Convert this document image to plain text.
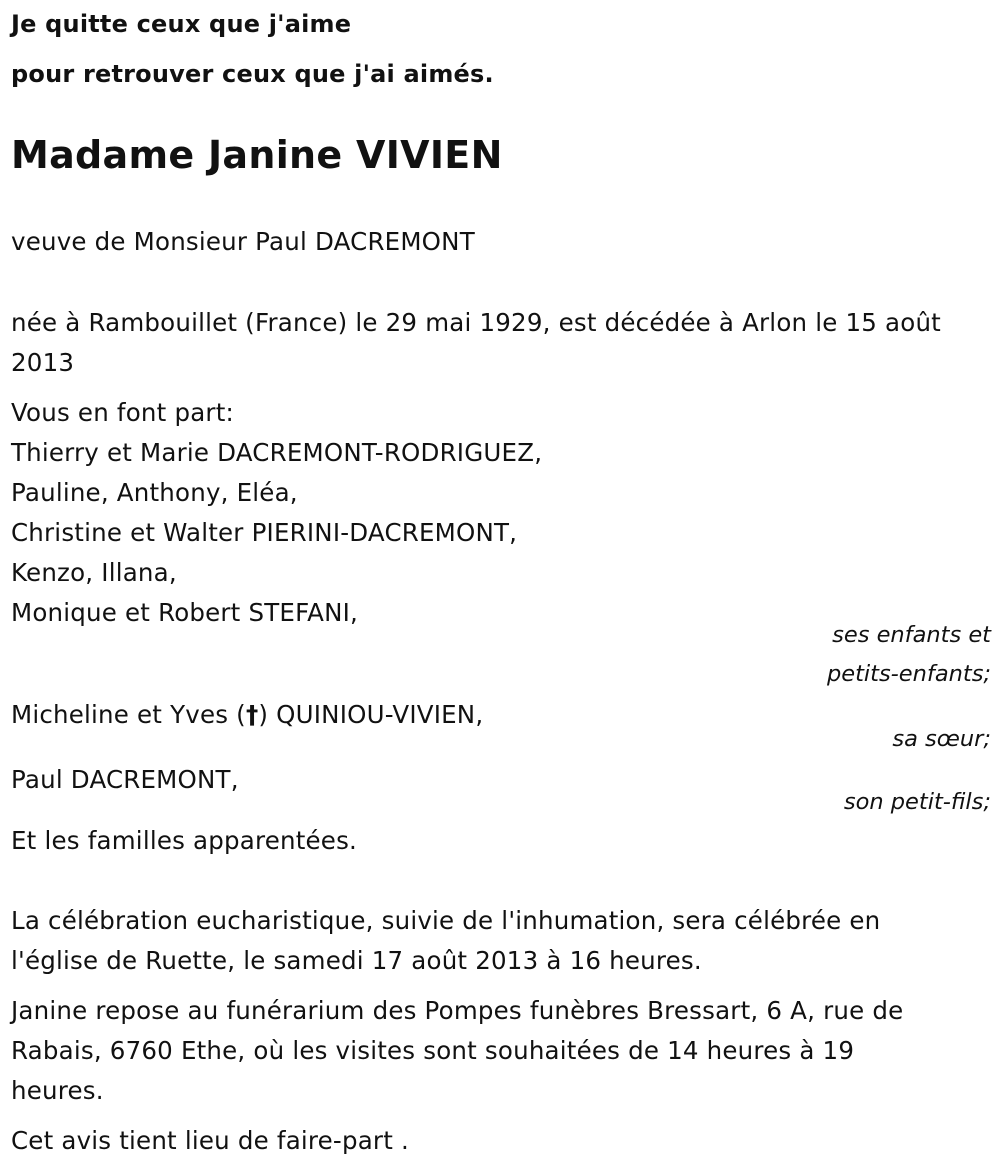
Je quitte ceux que j'aime
pour retrouver ceux que j'ai aimés.
Madame Janine VIVIEN
veuve de Monsieur Paul DACREMONT
née à Rambouillet (France) le 29 mai 1929, est décédée à Arlon le 15 août
2013
Vous en font part:
Thierry et Marie DACREMONT-RODRIGUEZ,
Pauline, Anthony, Eléa,
Christine et Walter PIERINI-DACREMONT,
Kenzo, Illana,
Monique et Robert STEFANI,
ses enfants et
petits-enfants;
Micheline et Yves (†) QUINIOU-VIVIEN,
sa sœur;
Paul DACREMONT,
son petit-fils;
Et les familles apparentées.
La célébration eucharistique, suivie de l'inhumation, sera célébrée en
l'église de Ruette, le samedi 17 août 2013 à 16 heures.
Janine repose au funérarium des Pompes funèbres Bressart, 6 A, rue de
Rabais, 6760 Ethe, où les visites sont souhaitées de 14 heures à 19
heures.
Cet avis tient lieu de faire-part .
